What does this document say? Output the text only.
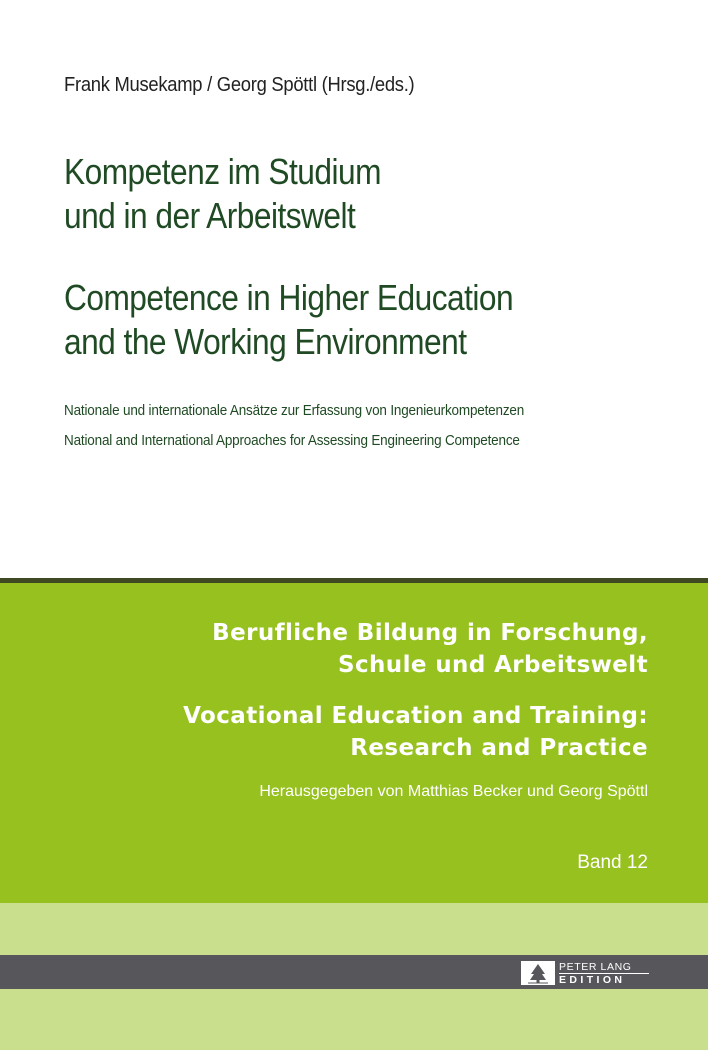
Frank Musekamp / Georg Spöttl (Hrsg./eds.)
Kompetenz im Studium
und in der Arbeitswelt
Competence in Higher Education
and the Working Environment
Nationale und internationale Ansätze zur Erfassung von Ingenieurkompetenzen
National and International Approaches for Assessing Engineering Competence
Berufliche Bildung in Forschung,
Schule und Arbeitswelt
Vocational Education and Training:
Research and Practice
Herausgegeben von Matthias Becker und Georg Spöttl
Band 12
PETER LANG
EDITION
